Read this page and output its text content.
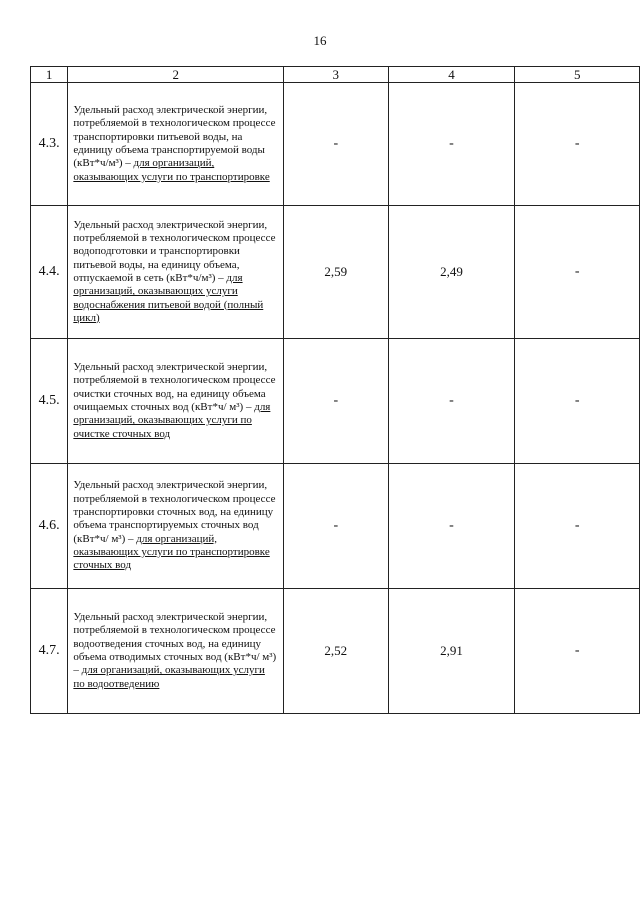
16
1	2	3	4	5
4.3.	Удельный расход электрической энергии, потребляемой в технологическом процессе транспортировки питьевой воды, на единицу объема транспортируемой воды (кВт*ч/м³) – для организаций, оказывающих услуги по транспортировке	-	-	-
4.4.	Удельный расход электрической энергии, потребляемой в технологическом процессе водоподготовки и транспортировки питьевой воды, на единицу объема, отпускаемой в сеть (кВт*ч/м³) – для организаций, оказывающих услуги водоснабжения питьевой водой (полный цикл)	2,59	2,49	-
4.5.	Удельный расход электрической энергии, потребляемой в технологическом процессе очистки сточных вод, на единицу объема очищаемых сточных вод (кВт*ч/ м³) – для организаций, оказывающих услуги по очистке сточных вод	-	-	-
4.6.	Удельный расход электрической энергии, потребляемой в технологическом процессе транспортировки сточных вод, на единицу объема транспортируемых сточных вод (кВт*ч/ м³) – для организаций, оказывающих услуги по транспортировке сточных вод	-	-	-
4.7.	Удельный расход электрической энергии, потребляемой в технологическом процессе водоотведения сточных вод, на единицу объема отводимых сточных вод (кВт*ч/ м³) – для организаций, оказывающих услуги по водоотведению	2,52	2,91	-
